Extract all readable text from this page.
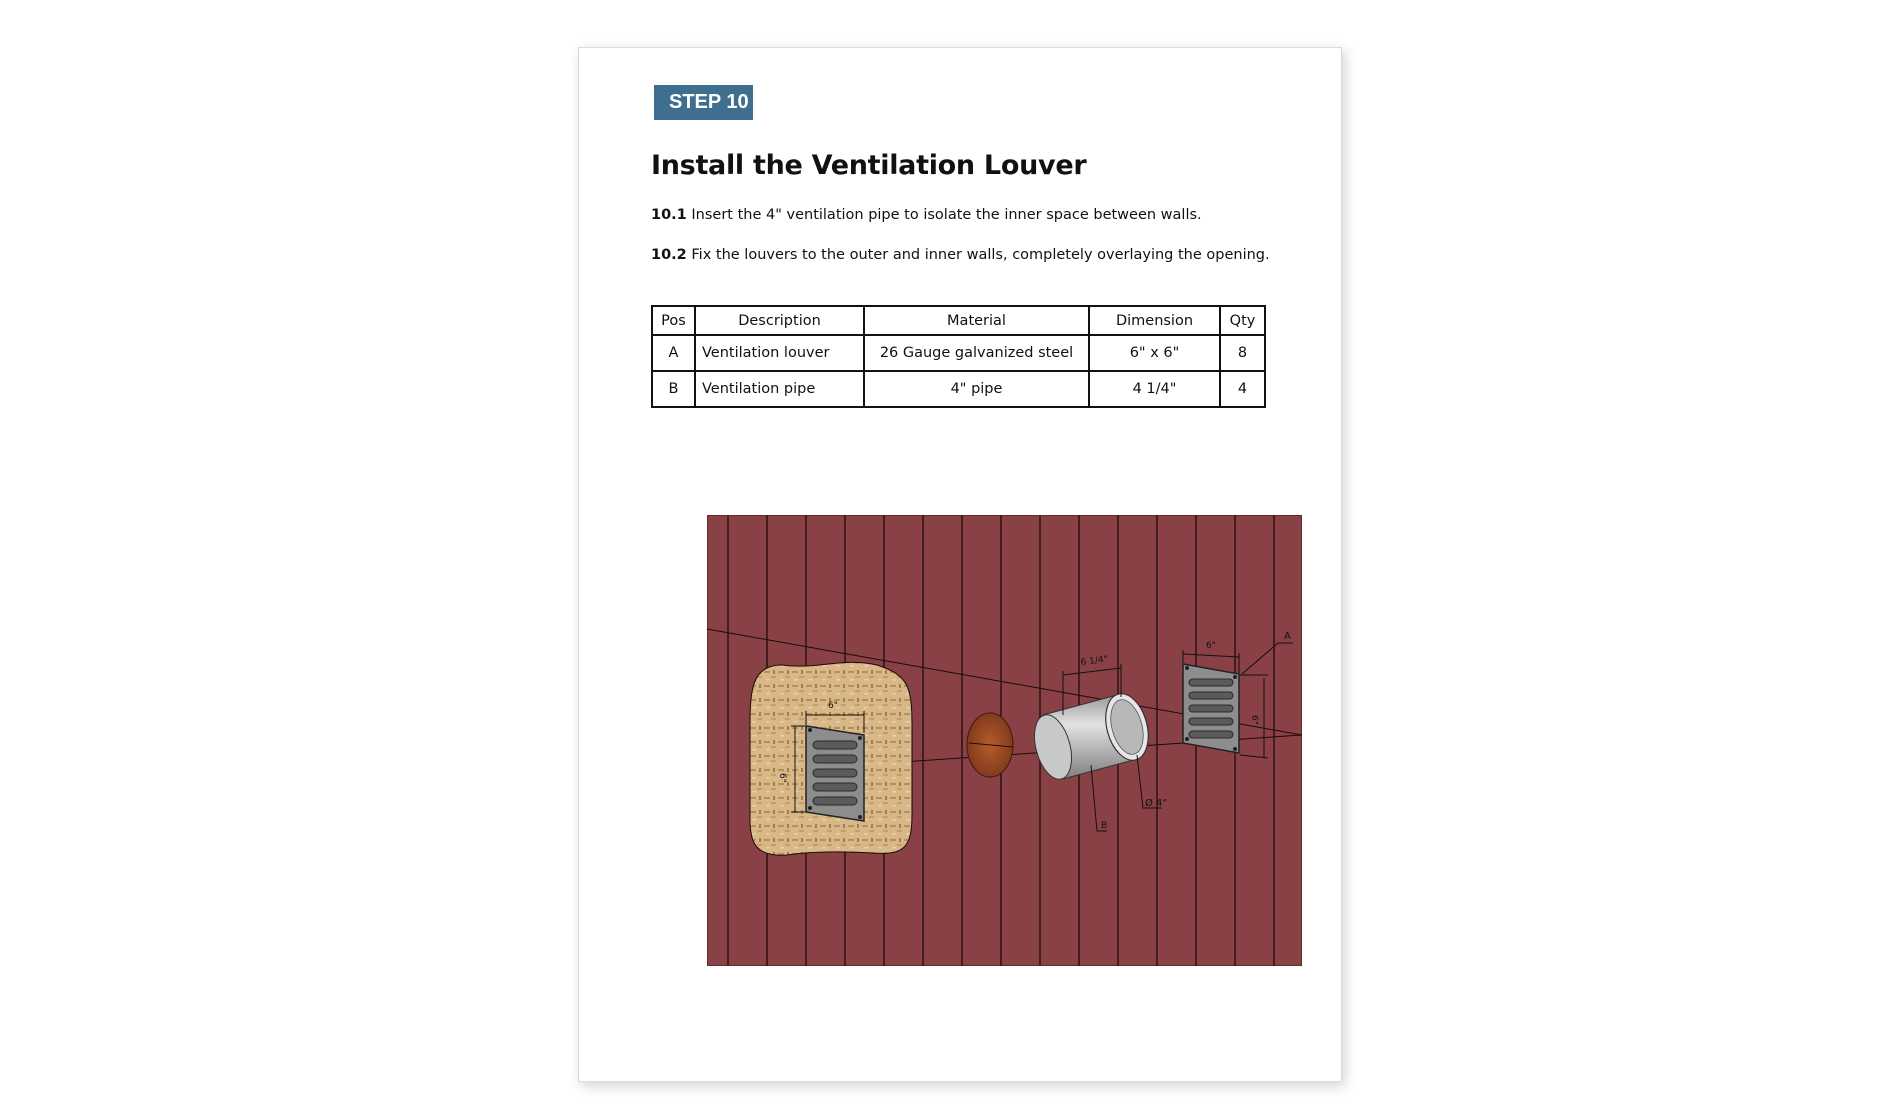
STEP 10
Install the Ventilation Louver

10.1 Insert the 4" ventilation pipe to isolate the inner space between walls.

10.2 Fix the louvers to the outer and inner walls, completely overlaying the opening.

Pos	Description	Material	Dimension	Qty
A	Ventilation louver	26 Gauge galvanized steel	6" x 6"	8
B	Ventilation pipe	4" pipe	4 1/4"	4
6"
6"
6 1/4"
Ø 4"
B
6"
6"
A
